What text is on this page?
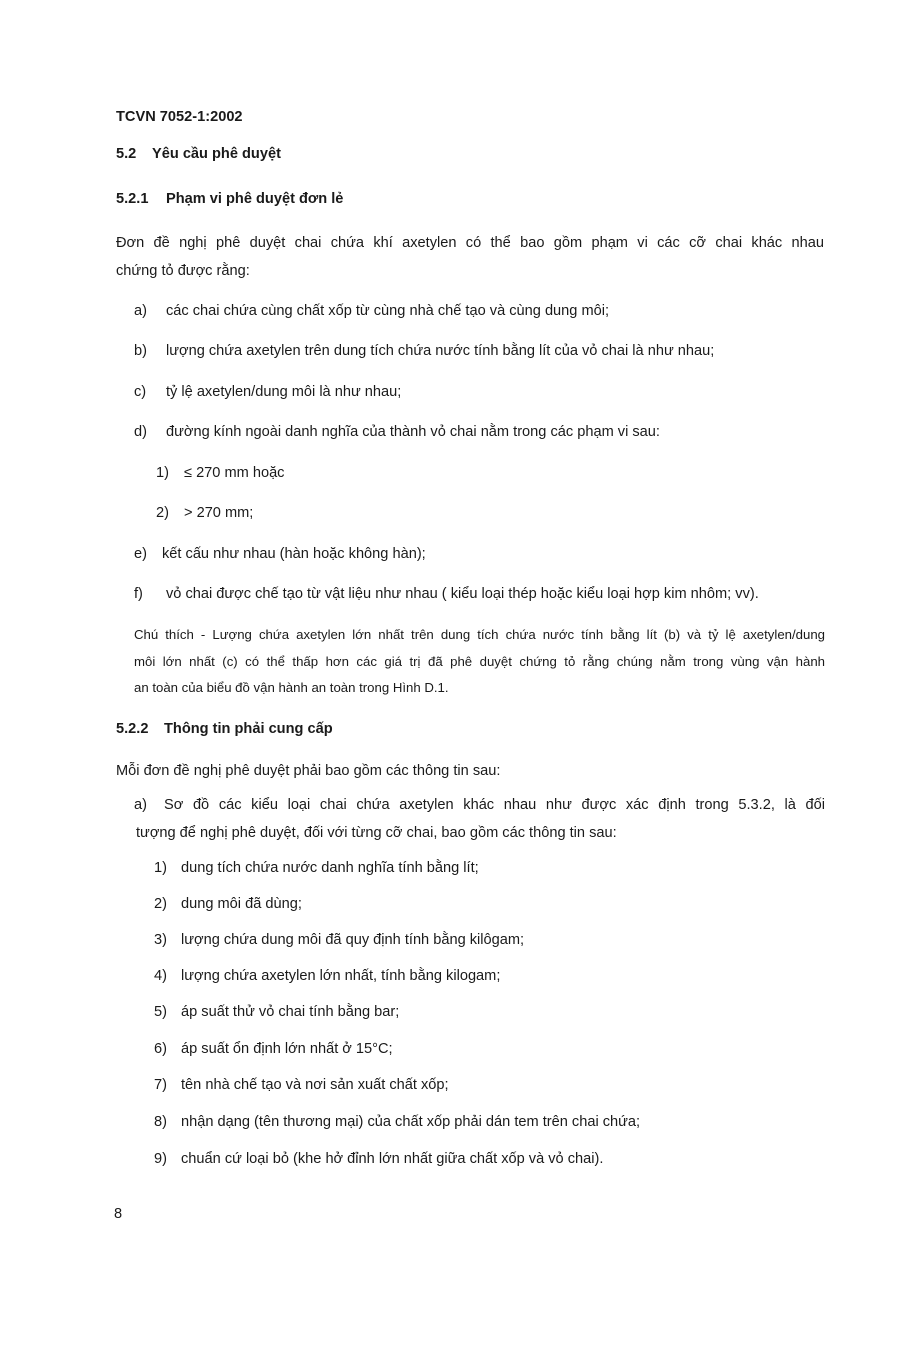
TCVN 7052-1:2002
5.2 Yêu cầu phê duyệt
5.2.1 Phạm vi phê duyệt đơn lẻ
Đơn đề nghị phê duyệt chai chứa khí axetylen có thể bao gồm phạm vi các cỡ chai khác nhau
chứng tỏ được rằng:
a) các chai chứa cùng chất xốp từ cùng nhà chế tạo và cùng dung môi;
b) lượng chứa axetylen trên dung tích chứa nước tính bằng lít của vỏ chai là như nhau;
c) tỷ lệ axetylen/dung môi là như nhau;
d) đường kính ngoài danh nghĩa của thành vỏ chai nằm trong các phạm vi sau:
1) ≤ 270 mm hoặc
2) > 270 mm;
e) kết cấu như nhau (hàn hoặc không hàn);
f) vỏ chai được chế tạo từ vật liệu như nhau ( kiểu loại thép hoặc kiểu loại hợp kim nhôm; vv).
Chú thích - Lượng chứa axetylen lớn nhất trên dung tích chứa nước tính bằng lít (b) và tỷ lệ axetylen/dung
môi lớn nhất (c) có thể thấp hơn các giá trị đã phê duyệt chứng tỏ rằng chúng nằm trong vùng vận hành
an toàn của biểu đồ vận hành an toàn trong Hình D.1.
5.2.2 Thông tin phải cung cấp
Mỗi đơn đề nghị phê duyệt phải bao gồm các thông tin sau:
a) Sơ đồ các kiểu loại chai chứa axetylen khác nhau như được xác định trong 5.3.2, là đối
tượng để nghị phê duyệt, đối với từng cỡ chai, bao gồm các thông tin sau:
1) dung tích chứa nước danh nghĩa tính bằng lít;
2) dung môi đã dùng;
3) lượng chứa dung môi đã quy định tính bằng kilôgam;
4) lượng chứa axetylen lớn nhất, tính bằng kilogam;
5) áp suất thử vỏ chai tính bằng bar;
6) áp suất ổn định lớn nhất ở 15°C;
7) tên nhà chế tạo và nơi sản xuất chất xốp;
8) nhận dạng (tên thương mại) của chất xốp phải dán tem trên chai chứa;
9) chuẩn cứ loại bỏ (khe hở đỉnh lớn nhất giữa chất xốp và vỏ chai).
8
